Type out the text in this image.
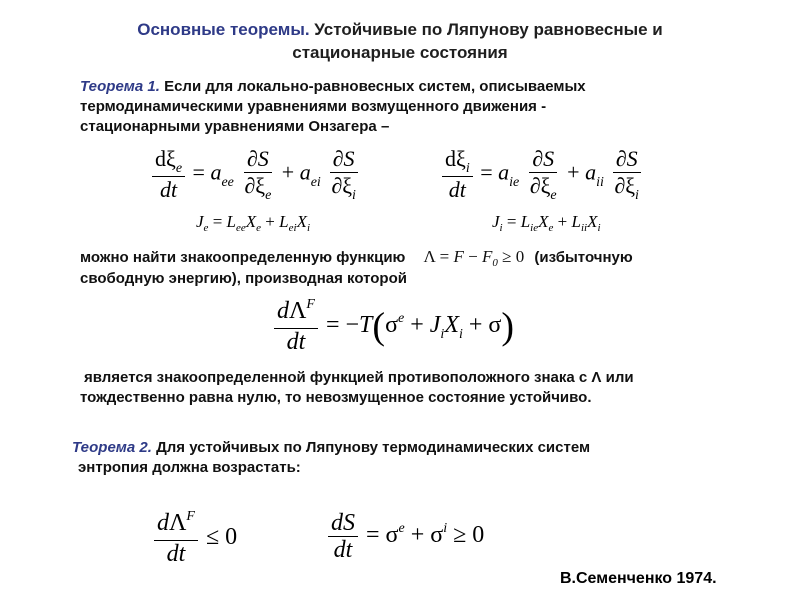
Основные теоремы. Устойчивые по Ляпунову равновесные и
стационарные состояния
Теорема 1. Если для локально-равновесных систем, описываемых
термодинамическими уравнениями возмущенного движения -
стационарными уравнениями Онзагера –
$\frac{d\xi_e}{dt} = a_{ee} \frac{\partial S}{\partial\xi_e} + a_{ei} \frac{\partial S}{\partial\xi_i}$	$\frac{d\xi_i}{dt} = a_{ie} \frac{\partial S}{\partial\xi_e} + a_{ii} \frac{\partial S}{\partial\xi_i}$
$J_e = L_{ee}X_e + L_{ei}X_i$	$J_i = L_{ie}X_e + L_{ii}X_i$
можно найти знакоопределенную функцию $\Lambda = F - F_0 \ge 0$ (избыточную
свободную энергию), производная которой
$\frac{d\Lambda^F}{dt} = -T(\sigma^e + J_iX_i + \sigma)$
является знакоопределенной функцией противоположного знака с Λ или
тождественно равна нулю, то невозмущенное состояние устойчиво.
Теорема 2. Для устойчивых по Ляпунову термодинамических систем
энтропия должна возрастать:
$\frac{d\Lambda^F}{dt} \le 0$	$\frac{dS}{dt} = \sigma^e + \sigma^i \ge 0$
В.Семенченко 1974.
